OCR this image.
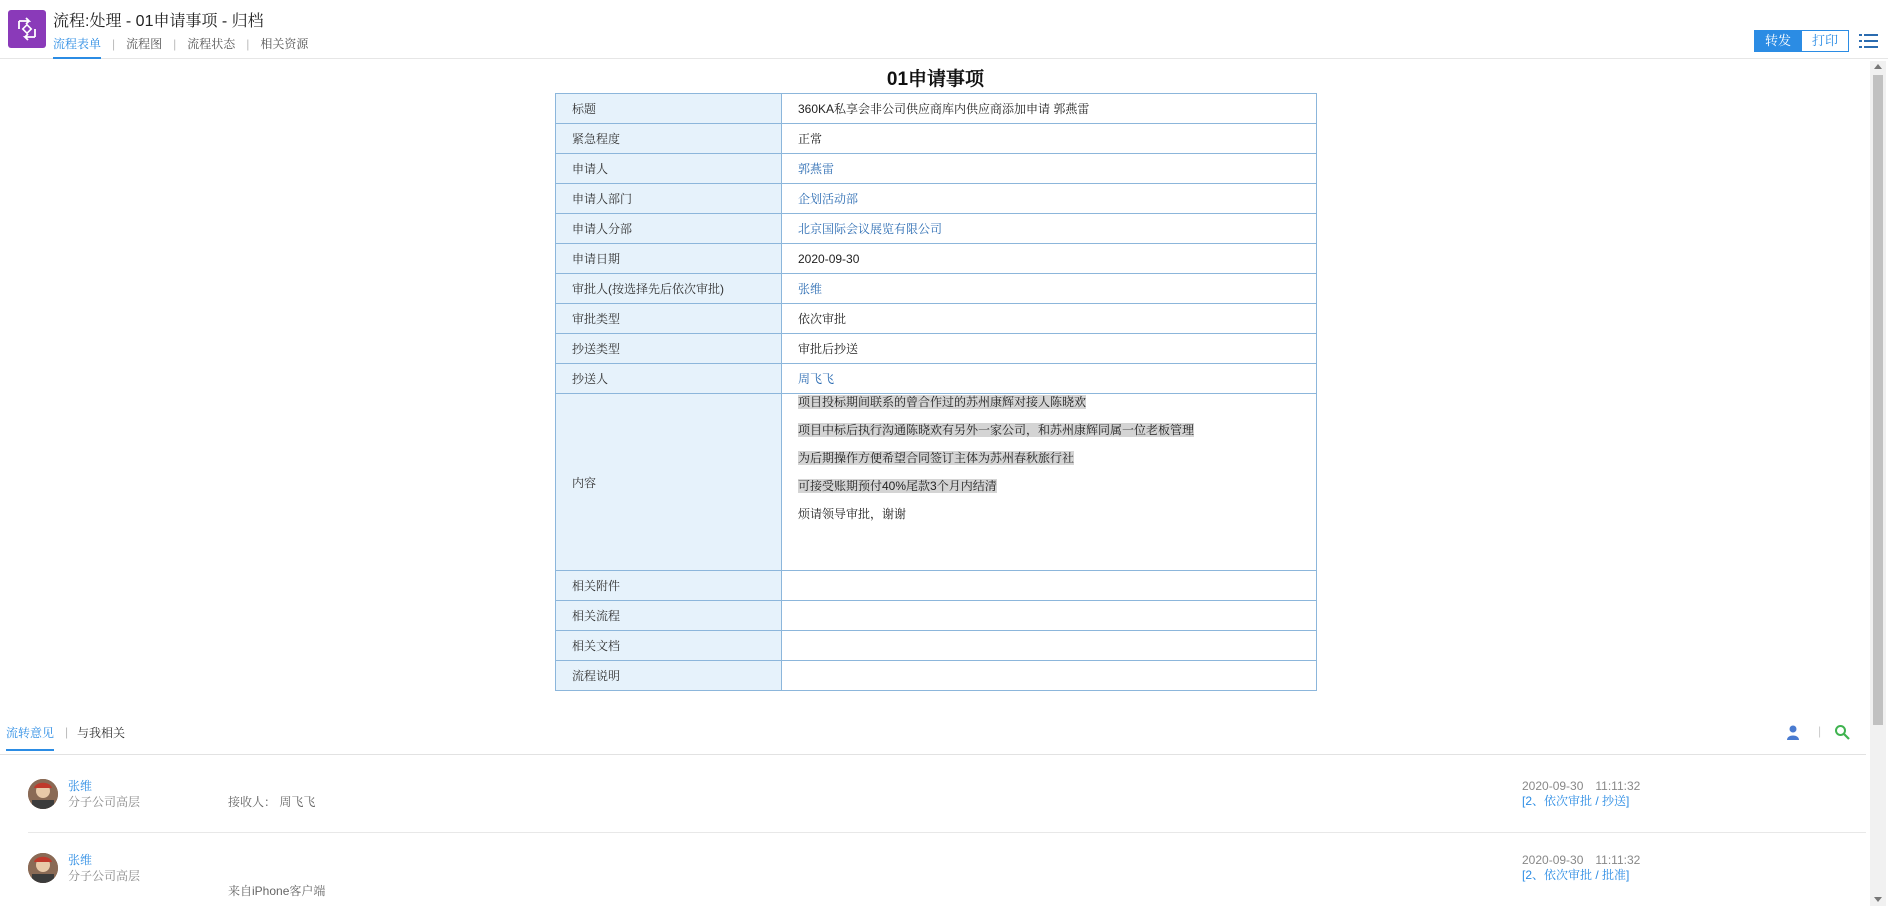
流程:处理 - 01申请事项 - 归档
流程表单 | 流程图 | 流程状态 | 相关资源	转发	打印
01申请事项
标题	360KA私享会非公司供应商库内供应商添加申请 郭燕雷
紧急程度	正常
申请人	郭燕雷
申请人部门	企划活动部
申请人分部	北京国际会议展览有限公司
申请日期	2020-09-30
审批人(按选择先后依次审批)	张维
审批类型	依次审批
抄送类型	审批后抄送
抄送人	周飞飞
内容	项目投标期间联系的曾合作过的苏州康辉对接人陈晓欢
项目中标后执行沟通陈晓欢有另外一家公司，和苏州康辉同属一位老板管理
为后期操作方便希望合同签订主体为苏州春秋旅行社
可接受账期预付40%尾款3个月内结清
烦请领导审批，谢谢

相关附件	
相关流程	
相关文档	
流程说明	
流转意见 | 与我相关	|
张维
分子公司高层	接收人： 周飞飞
2020-09-30　11:11:32
[2、依次审批 / 抄送]
张维
分子公司高层
来自iPhone客户端
2020-09-30　11:11:32
[2、依次审批 / 批准]
